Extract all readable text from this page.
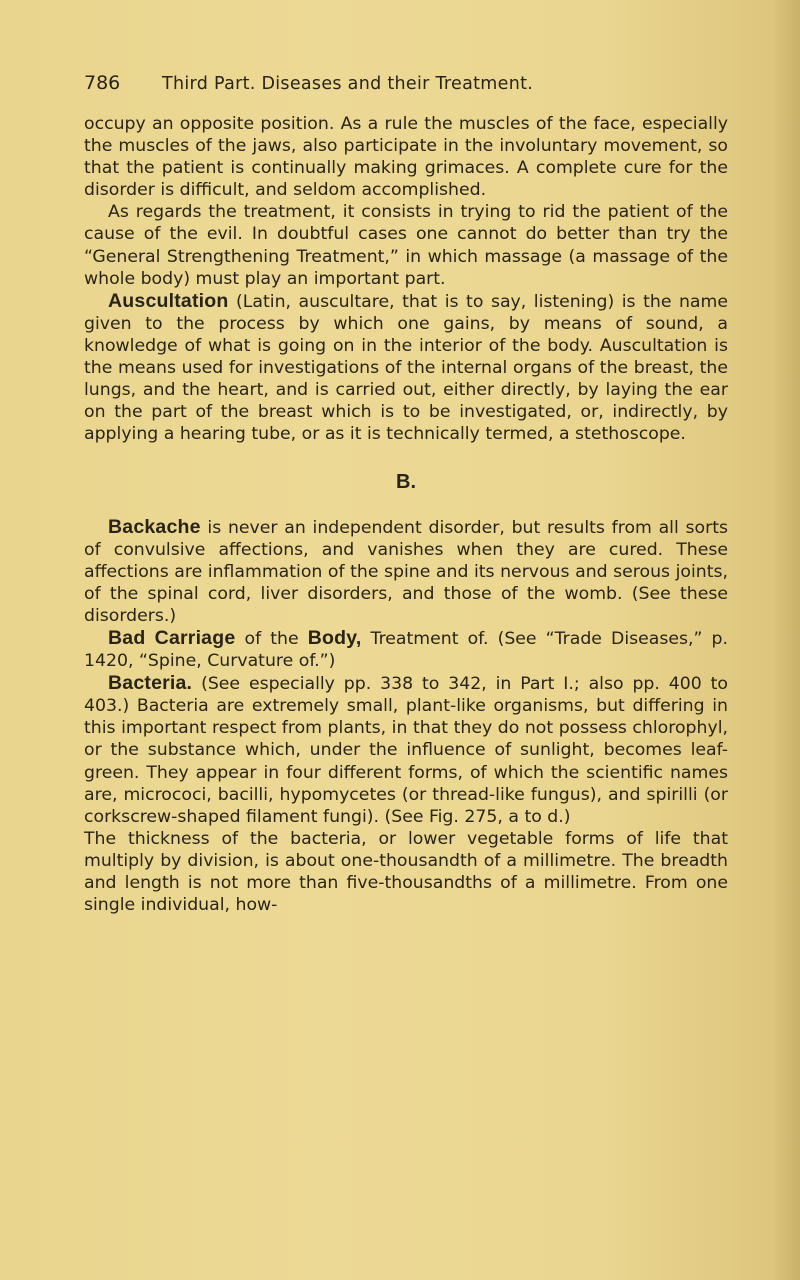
786 Third Part. Diseases and their Treatment.

occupy an opposite position. As a rule the muscles of the face, especially the muscles of the jaws, also participate in the involuntary movement, so that the patient is continually making grimaces. A complete cure for the disorder is difficult, and seldom accomplished.

As regards the treatment, it consists in trying to rid the patient of the cause of the evil. In doubtful cases one cannot do better than try the “General Strengthening Treatment,” in which massage (a massage of the whole body) must play an important part.

Auscultation (Latin, auscultare, that is to say, listening) is the name given to the process by which one gains, by means of sound, a knowledge of what is going on in the interior of the body. Auscultation is the means used for investigations of the internal organs of the breast, the lungs, and the heart, and is carried out, either directly, by laying the ear on the part of the breast which is to be investigated, or, indirectly, by applying a hearing tube, or as it is technically termed, a stethoscope.

B.

Backache is never an independent disorder, but results from all sorts of convulsive affections, and vanishes when they are cured. These affections are inflammation of the spine and its nervous and serous joints, of the spinal cord, liver disorders, and those of the womb. (See these disorders.)

Bad Carriage of the Body, Treatment of. (See “Trade Diseases,” p. 1420, “Spine, Curvature of.”)

Bacteria. (See especially pp. 338 to 342, in Part I.; also pp. 400 to 403.) Bacteria are extremely small, plant-like organisms, but differing in this important respect from plants, in that they do not possess chlorophyl, or the substance which, under the influence of sunlight, becomes leaf-green. They appear in four different forms, of which the scientific names are, micrococi, bacilli, hypomycetes (or thread-like fungus), and spirilli (or corkscrew-shaped filament fungi). (See Fig. 275, a to d.)

The thickness of the bacteria, or lower vegetable forms of life that multiply by division, is about one-thousandth of a millimetre. The breadth and length is not more than five-thousandths of a millimetre. From one single individual, how-
